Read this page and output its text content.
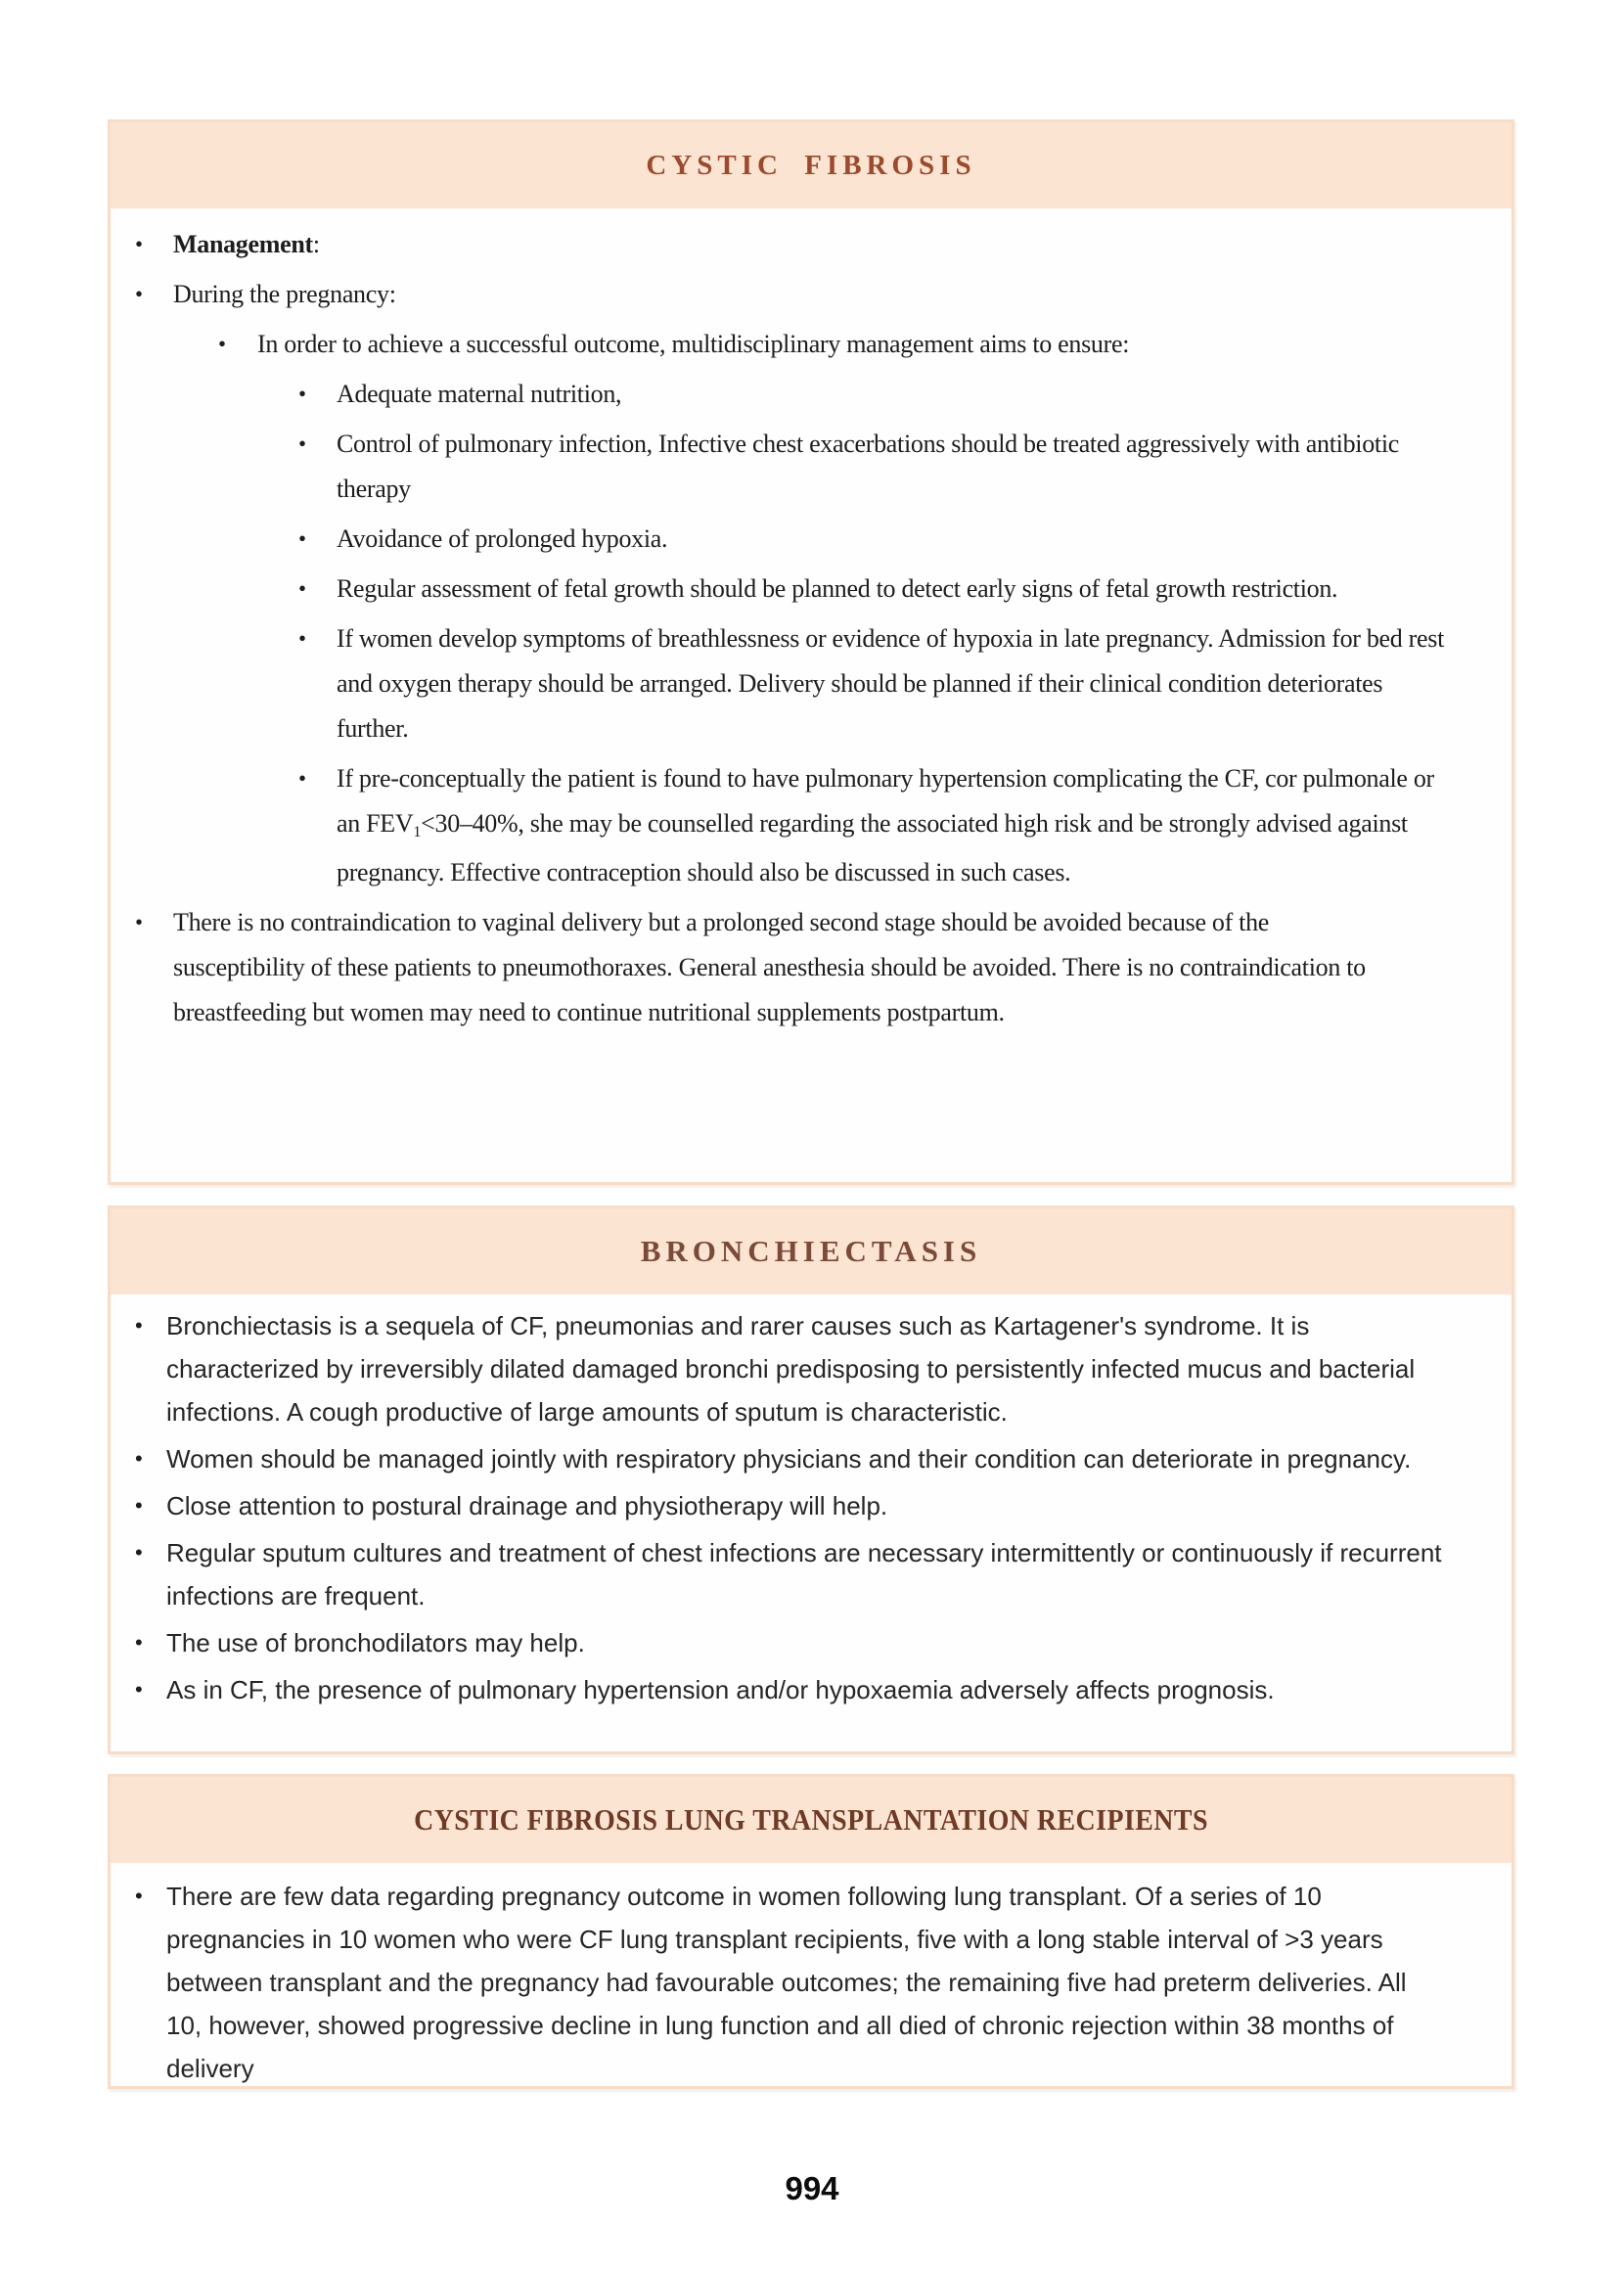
CYSTIC FIBROSIS
• Management:
• During the pregnancy:
• In order to achieve a successful outcome, multidisciplinary management aims to ensure:
• Adequate maternal nutrition,
• Control of pulmonary infection, Infective chest exacerbations should be treated aggressively with antibiotic therapy
• Avoidance of prolonged hypoxia.
• Regular assessment of fetal growth should be planned to detect early signs of fetal growth restriction.
• If women develop symptoms of breathlessness or evidence of hypoxia in late pregnancy. Admission for bed rest and oxygen therapy should be arranged. Delivery should be planned if their clinical condition deteriorates further.
• If pre-conceptually the patient is found to have pulmonary hypertension complicating the CF, cor pulmonale or an FEV1<30–40%, she may be counselled regarding the associated high risk and be strongly advised against pregnancy. Effective contraception should also be discussed in such cases.
• There is no contraindication to vaginal delivery but a prolonged second stage should be avoided because of the susceptibility of these patients to pneumothoraxes. General anesthesia should be avoided. There is no contraindication to breastfeeding but women may need to continue nutritional supplements postpartum.
BRONCHIECTASIS
• Bronchiectasis is a sequela of CF, pneumonias and rarer causes such as Kartagener's syndrome. It is characterized by irreversibly dilated damaged bronchi predisposing to persistently infected mucus and bacterial infections. A cough productive of large amounts of sputum is characteristic.
• Women should be managed jointly with respiratory physicians and their condition can deteriorate in pregnancy.
• Close attention to postural drainage and physiotherapy will help.
• Regular sputum cultures and treatment of chest infections are necessary intermittently or continuously if recurrent infections are frequent.
• The use of bronchodilators may help.
• As in CF, the presence of pulmonary hypertension and/or hypoxaemia adversely affects prognosis.
CYSTIC FIBROSIS LUNG TRANSPLANTATION RECIPIENTS
• There are few data regarding pregnancy outcome in women following lung transplant. Of a series of 10 pregnancies in 10 women who were CF lung transplant recipients, five with a long stable interval of >3 years between transplant and the pregnancy had favourable outcomes; the remaining five had preterm deliveries. All 10, however, showed progressive decline in lung function and all died of chronic rejection within 38 months of delivery
994
